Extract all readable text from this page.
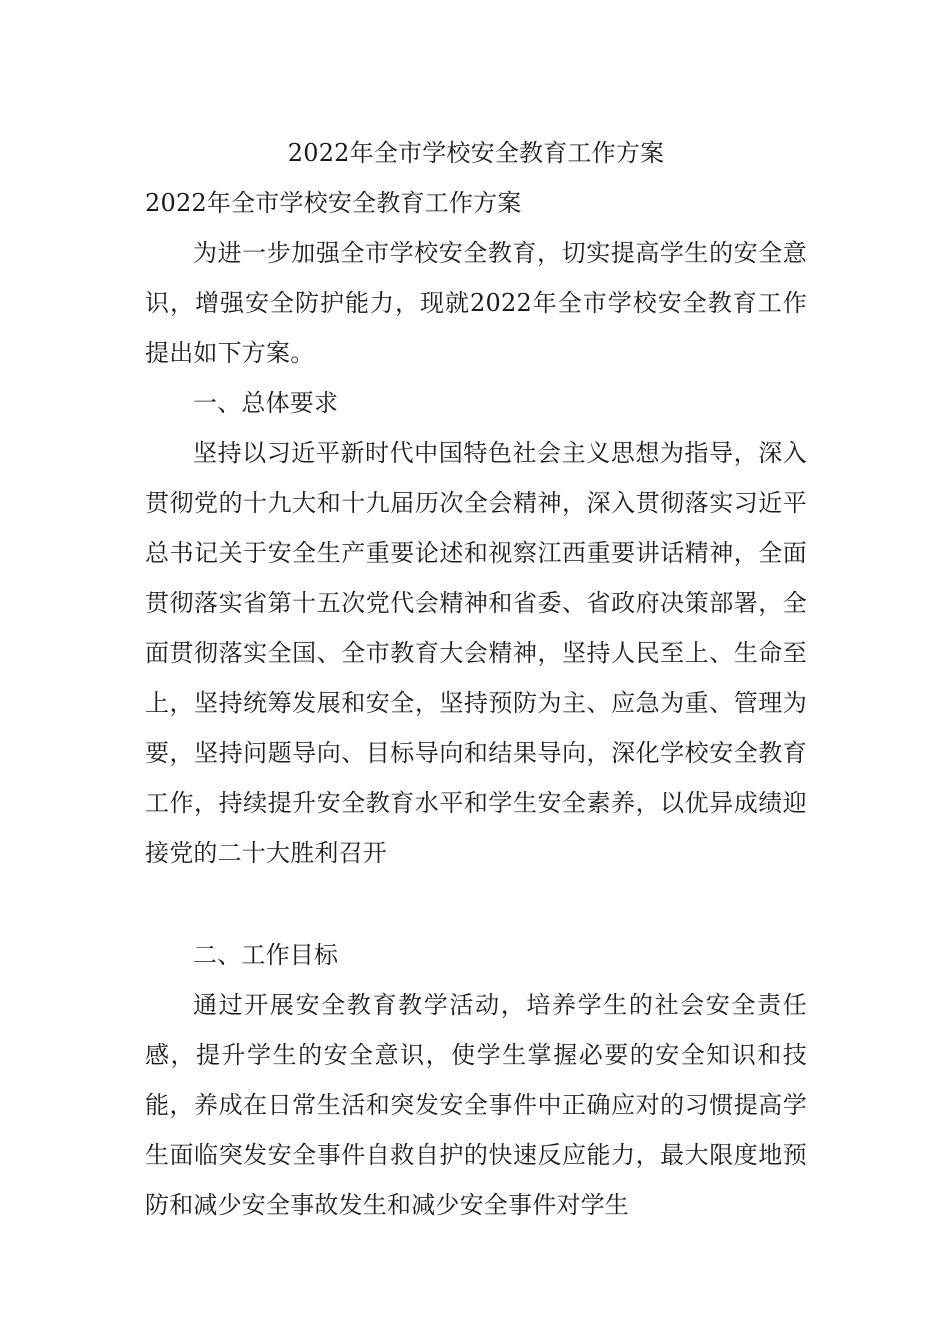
2022年全市学校安全教育工作方案

2022年全市学校安全教育工作方案

为进一步加强全市学校安全教育，切实提高学生的安全意识，增强安全防护能力，现就2022年全市学校安全教育工作提出如下方案。

一、总体要求

坚持以习近平新时代中国特色社会主义思想为指导，深入贯彻党的十九大和十九届历次全会精神，深入贯彻落实习近平总书记关于安全生产重要论述和视察江西重要讲话精神，全面贯彻落实省第十五次党代会精神和省委、省政府决策部署，全面贯彻落实全国、全市教育大会精神，坚持人民至上、生命至上，坚持统筹发展和安全，坚持预防为主、应急为重、管理为要，坚持问题导向、目标导向和结果导向，深化学校安全教育工作，持续提升安全教育水平和学生安全素养，以优异成绩迎接党的二十大胜利召开

二、工作目标

通过开展安全教育教学活动，培养学生的社会安全责任感，提升学生的安全意识，使学生掌握必要的安全知识和技能，养成在日常生活和突发安全事件中正确应对的习惯提高学生面临突发安全事件自救自护的快速反应能力，最大限度地预防和减少安全事故发生和减少安全事件对学生
